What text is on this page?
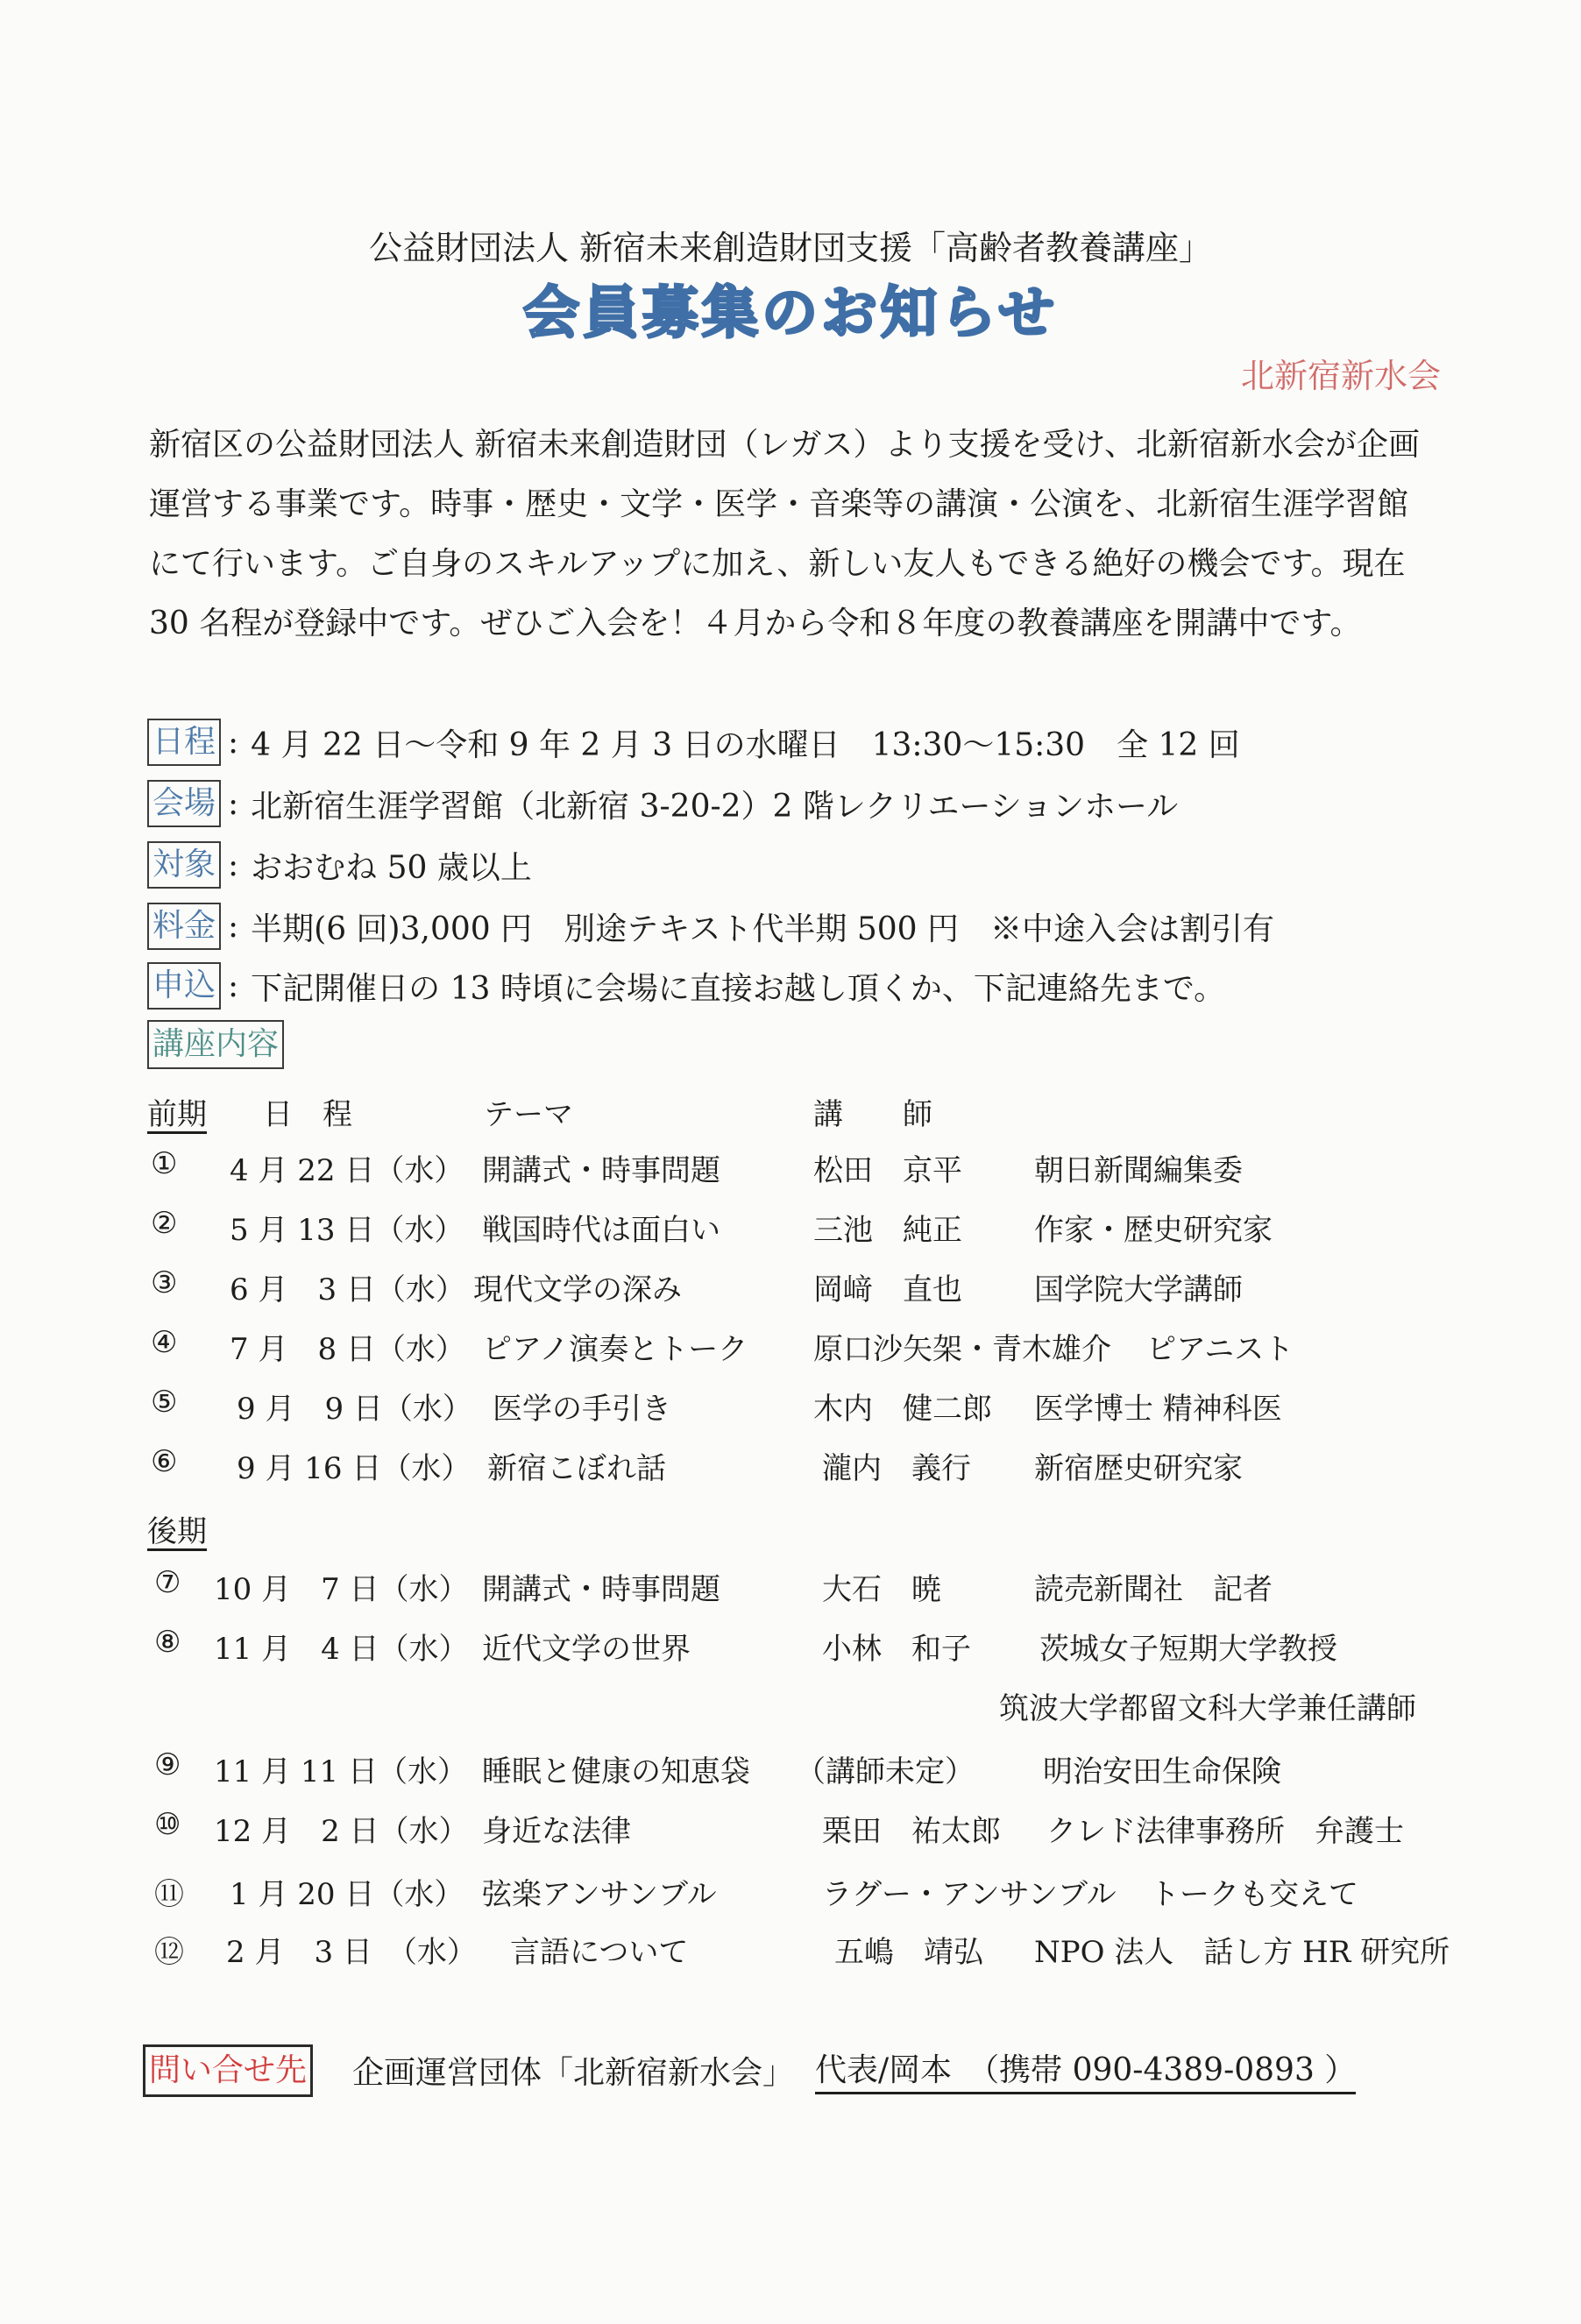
公益財団法人 新宿未来創造財団支援「高齢者教養講座」
会員募集のお知らせ
北新宿新水会
新宿区の公益財団法人 新宿未来創造財団（レガス）より支援を受け、北新宿新水会が企画
運営する事業です。時事・歴史・文学・医学・音楽等の講演・公演を、北新宿生涯学習館
にて行います。ご自身のスキルアップに加え、新しい友人もできる絶好の機会です。現在
30 名程が登録中です。ぜひご入会を！４月から令和８年度の教養講座を開講中です。
日程 : 4 月 22 日～令和 9 年 2 月 3 日の水曜日　13:30～15:30　全 12 回
会場 : 北新宿生涯学習館（北新宿 3-20-2）2 階レクリエーションホール
対象 : おおむね 50 歳以上
料金 : 半期(6 回)3,000 円　別途テキスト代半期 500 円　※中途入会は割引有
申込 : 下記開催日の 13 時頃に会場に直接お越し頂くか、下記連絡先まで。
講座内容
前期 日　程	テーマ	講　　師
① 4 月 22 日（水） 開講式・時事問題	松田　京平 朝日新聞編集委
② 5 月 13 日（水） 戦国時代は面白い	三池　純正 作家・歴史研究家
③ 6 月　3 日（水） 現代文学の深み	岡﨑　直也 国学院大学講師
④ 7 月　8 日（水） ピアノ演奏とトーク 原口沙矢架・青木雄介 ピアニスト
⑤ 9 月　9 日（水） 医学の手引き	木内　健二郎 医学博士 精神科医
⑥ 9 月 16 日（水） 新宿こぼれ話	瀧内　義行 新宿歴史研究家
後期
⑦ 10 月　7 日（水） 開講式・時事問題	大石　暁	読売新聞社　記者
⑧ 11 月　4 日（水） 近代文学の世界	小林　和子 茨城女子短期大学教授
筑波大学都留文科大学兼任講師
⑨ 11 月 11 日（水） 睡眠と健康の知恵袋 （講師未定） 明治安田生命保険
⑩ 12 月　2 日（水） 身近な法律	栗田　祐太郎 クレド法律事務所　弁護士
⑪ 1 月 20 日（水） 弦楽アンサンブル	ラグー・アンサンブル トークも交えて
⑫ 2 月　3 日　（水） 言語について	五嶋　靖弘 NPO 法人　話し方 HR 研究所
問い合せ先 企画運営団体「北新宿新水会」 代表/岡本　（携帯 090-4389-0893 ）
